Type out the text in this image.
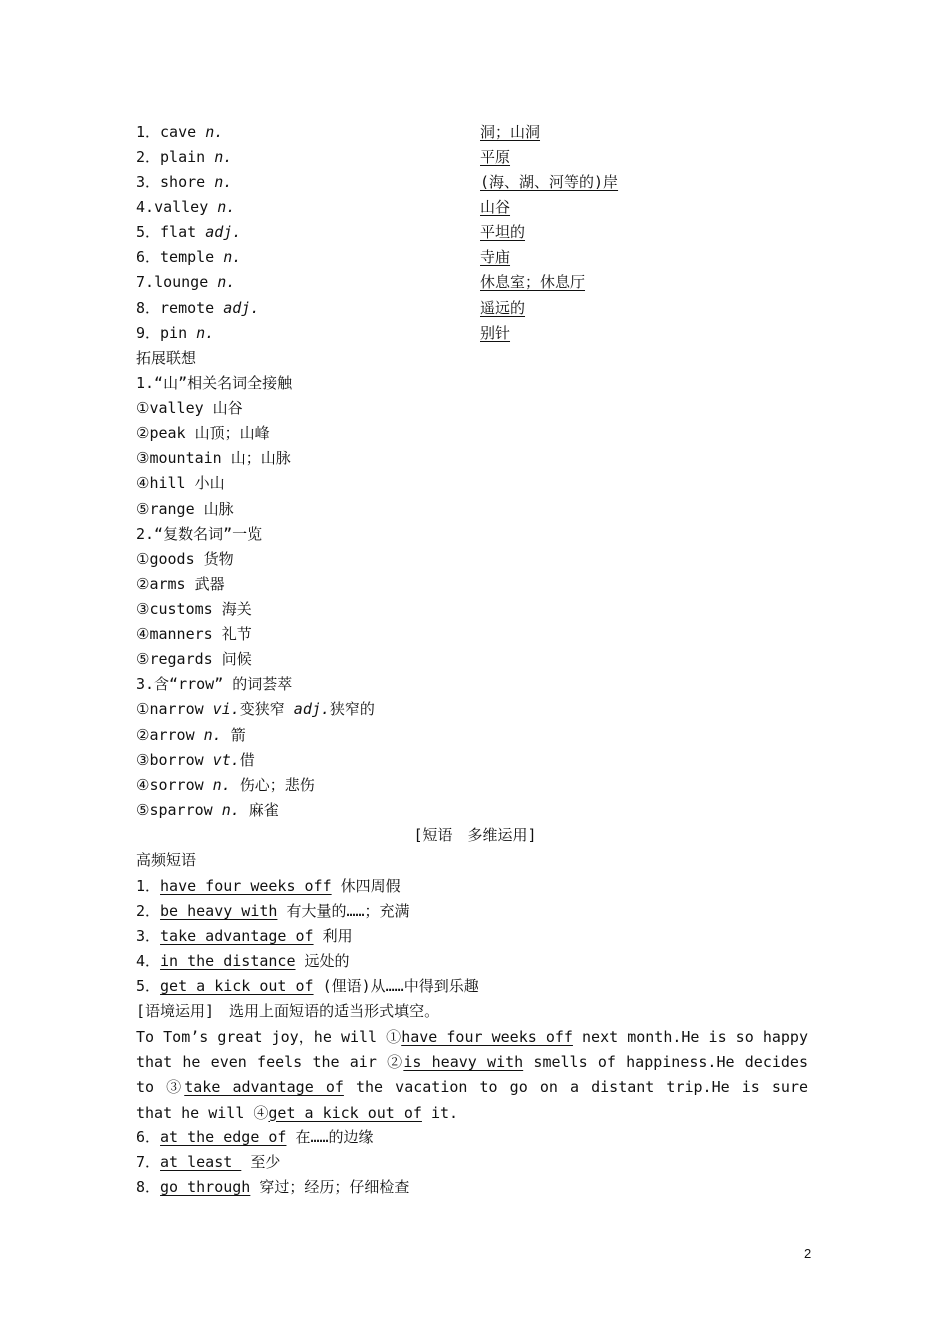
1．cave n.	洞；山洞
2．plain n.	平原
3．shore n.	(海、湖、河等的)岸
4.valley n.	山谷
5．flat adj.	平坦的
6．temple n.	寺庙
7.lounge n.	休息室；休息厅
8．remote adj.	遥远的
9．pin n.	别针
拓展联想
1.“山”相关名词全接触
①valley 山谷
②peak 山顶；山峰
③mountain 山；山脉
④hill 小山
⑤range 山脉
2.“复数名词”一览
①goods 货物
②arms 武器
③customs 海关
④manners 礼节
⑤regards 问候
3.含“rrow” 的词荟萃
①narrow vi.变狭窄 adj.狭窄的
②arrow n. 箭
③borrow vt.借
④sorrow n. 伤心；悲伤
⑤sparrow n. 麻雀
[短语　多维运用]
高频短语
1．have four weeks off 休四周假
2．be heavy with 有大量的……；充满
3．take advantage of 利用
4．in the distance 远处的
5．get a kick out of (俚语)从……中得到乐趣
[语境运用]　选用上面短语的适当形式填空。
To Tom’s great joy，he will ①have four weeks off next month.He is so happy that he even feels the air ②is heavy with smells of happiness.He decides to ③take advantage of the vacation to go on a distant trip.He is sure that he will ④get a kick out of it.
6．at the edge of 在……的边缘
7．at least  至少
8．go through 穿过；经历；仔细检查
2
